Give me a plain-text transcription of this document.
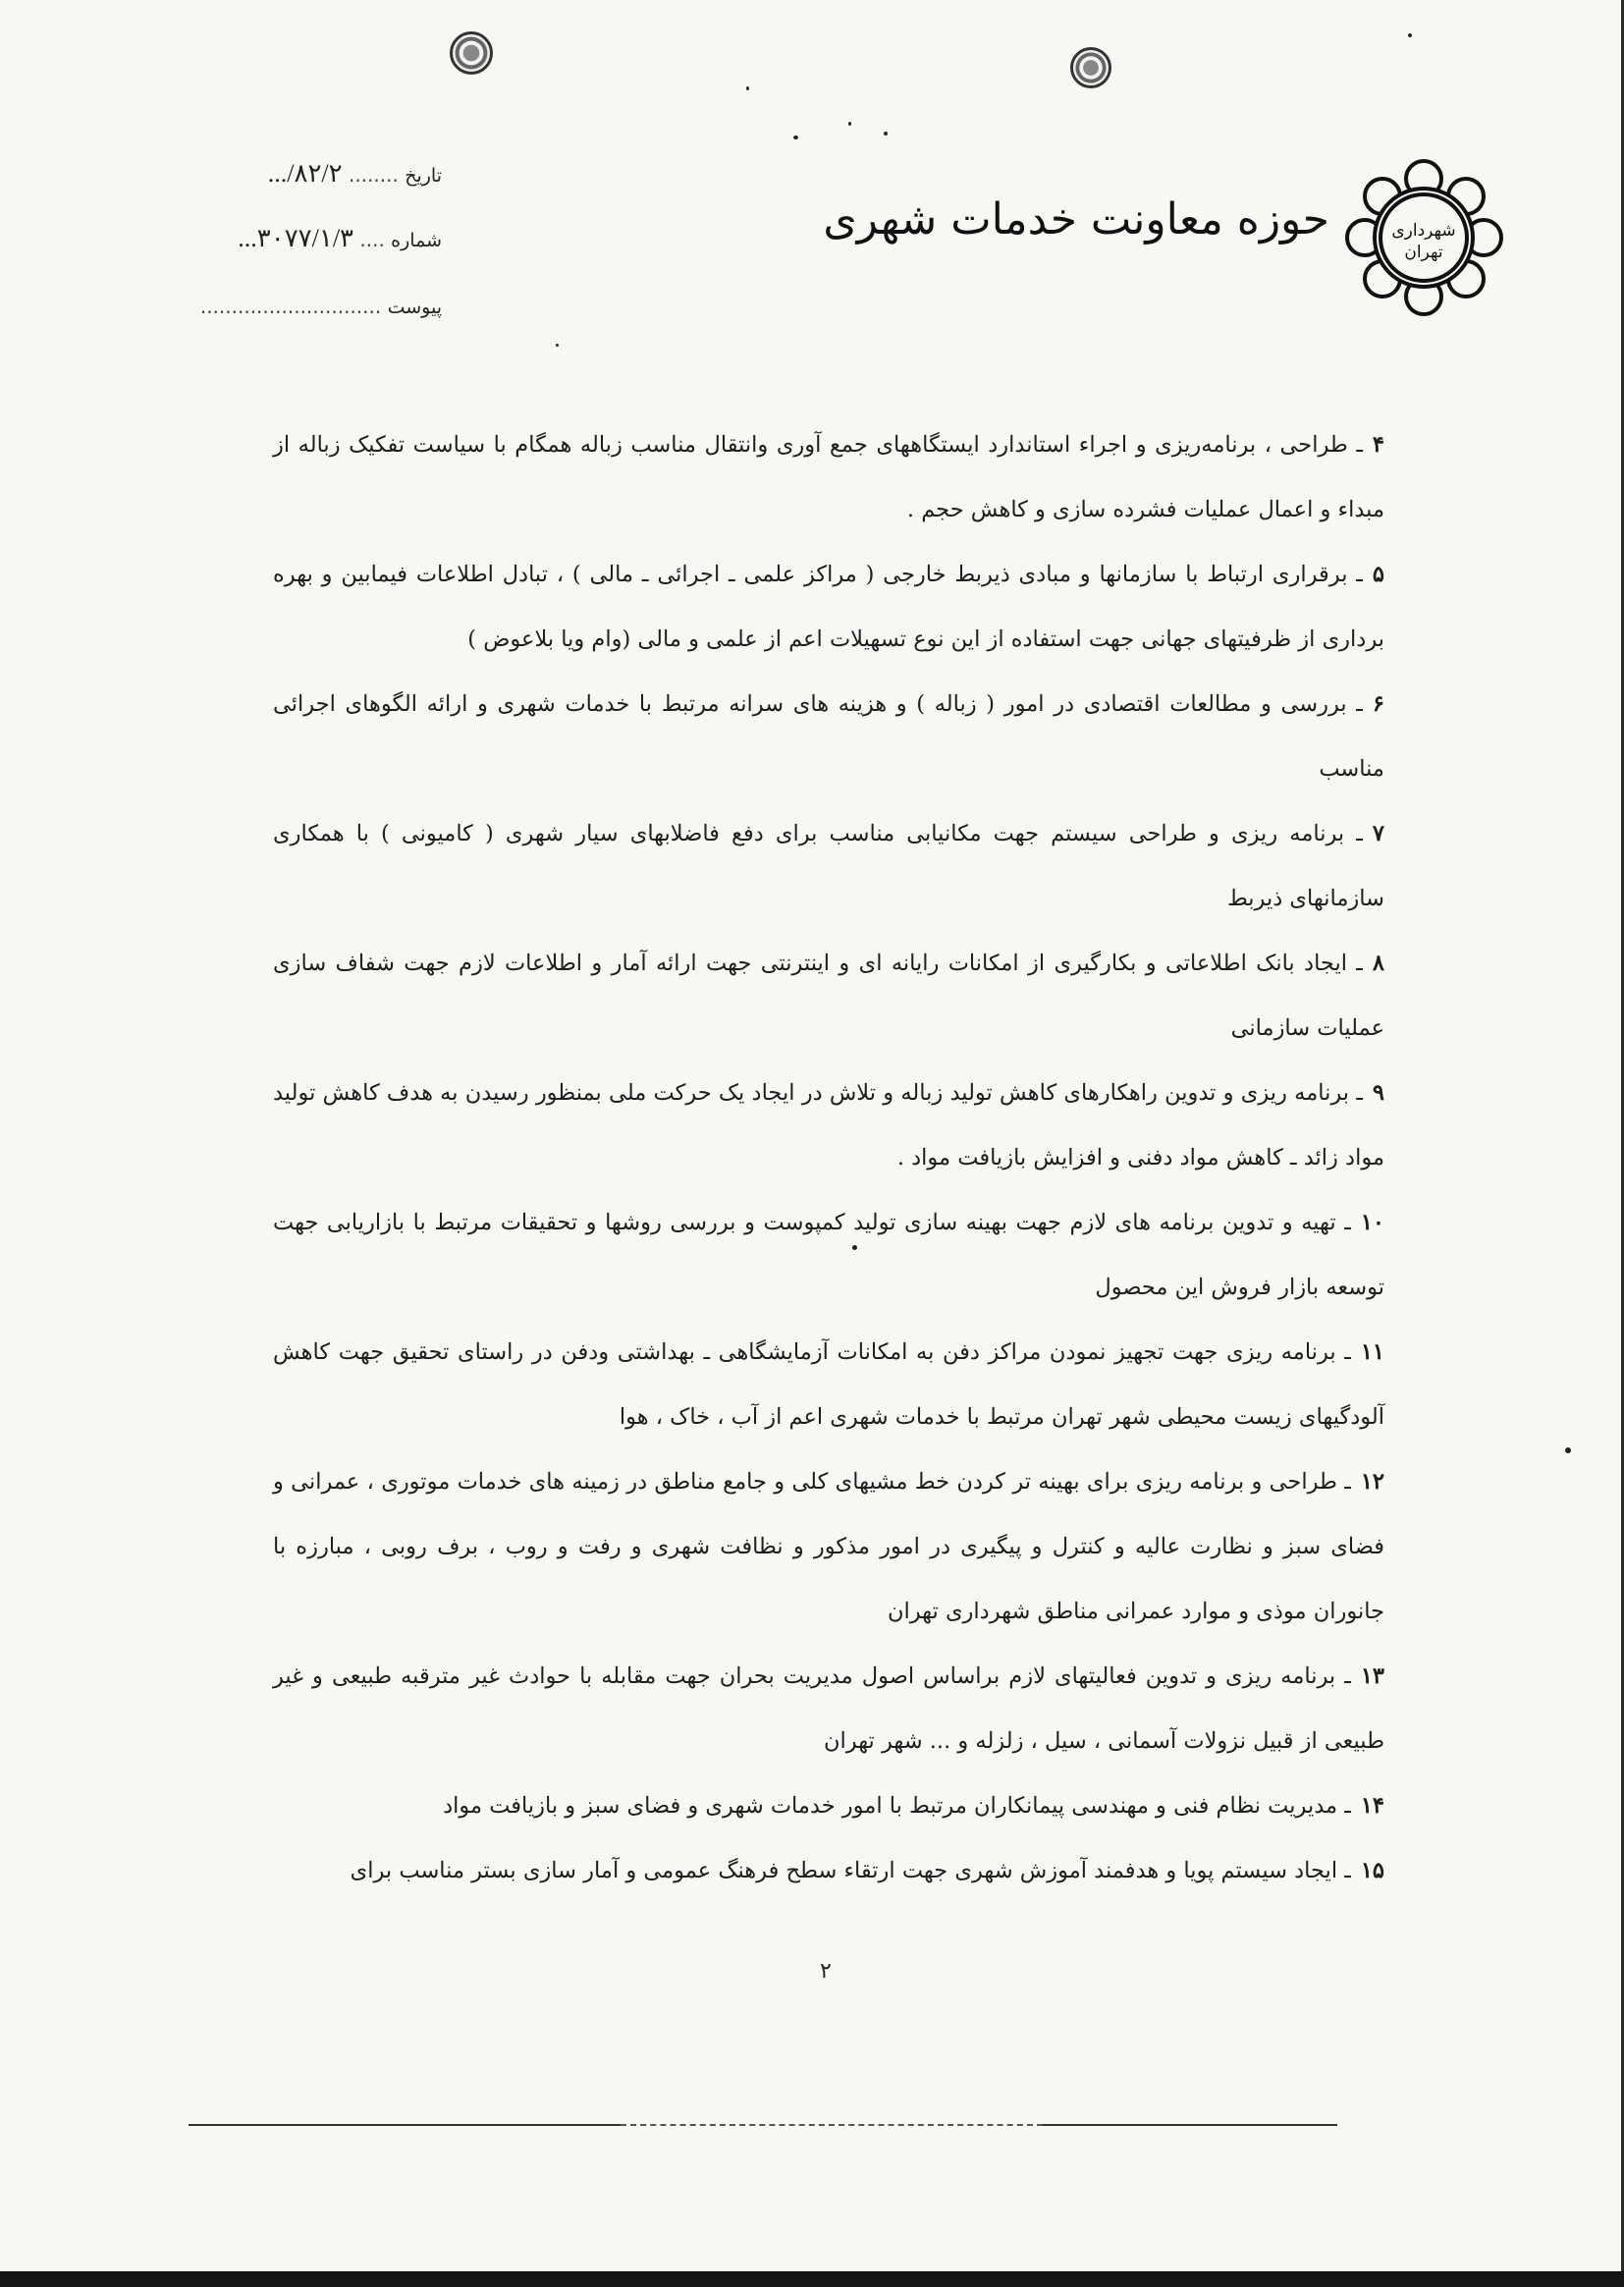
شهرداری
تهران
حوزه معاونت خدمات شهری
تاریخ ........ ۸۲/۲/...
شماره .... ۳۰۷۷/۱/۳...
پیوست .............................
۴ـ طراحی ، برنامه‌ریزی و اجراء استاندارد ایستگاههای جمع آوری وانتقال مناسب زباله همگام با سیاست تفکیک زباله از مبداء و اعمال عملیات فشرده سازی و کاهش حجم .
۵ـ برقراری ارتباط با سازمانها و مبادی ذیربط خارجی ( مراکز علمی ـ اجرائی ـ مالی ) ، تبادل اطلاعات فیمابین و بهره برداری از ظرفیتهای جهانی جهت استفاده از این نوع تسهیلات اعم از علمی و مالی (وام ویا بلاعوض )
۶ـ بررسی و مطالعات اقتصادی در امور ( زباله ) و هزینه های سرانه مرتبط با خدمات شهری و ارائه الگوهای اجرائی مناسب
۷ـ برنامه ریزی و طراحی سیستم جهت مکانیابی مناسب برای دفع فاضلابهای سیار شهری ( کامیونی ) با همکاری سازمانهای ذیربط
۸ـ ایجاد بانک اطلاعاتی و بکارگیری از امکانات رایانه ای و اینترنتی جهت ارائه آمار و اطلاعات لازم جهت شفاف سازی عملیات سازمانی
۹ـ برنامه ریزی و تدوین راهکارهای کاهش تولید زباله و تلاش در ایجاد یک حرکت ملی بمنظور رسیدن به هدف کاهش تولید مواد زائد ـ کاهش مواد دفنی و افزایش بازیافت مواد .
۱۰ـ تهیه و تدوین برنامه های لازم جهت بهینه سازی تولید کمپوست و بررسی روشها و تحقیقات مرتبط با بازاریابی جهت توسعه بازار فروش این محصول
۱۱ـ برنامه ریزی جهت تجهیز نمودن مراکز دفن به امکانات آزمایشگاهی ـ بهداشتی ودفن در راستای تحقیق جهت کاهش آلودگیهای زیست محیطی شهر تهران مرتبط با خدمات شهری اعم از آب ، خاک ، هوا
۱۲ـ طراحی و برنامه ریزی برای بهینه تر کردن خط مشیهای کلی و جامع مناطق در زمینه های خدمات موتوری ، عمرانی و فضای سبز و نظارت عالیه و کنترل و پیگیری در امور مذکور و نظافت شهری و رفت و روب ، برف روبی ، مبارزه با جانوران موذی و موارد عمرانی مناطق شهرداری تهران
۱۳ـ برنامه ریزی و تدوین فعالیتهای لازم براساس اصول مدیریت بحران جهت مقابله با حوادث غیر مترقبه طبیعی و غیر طبیعی از قبیل نزولات آسمانی ، سیل ، زلزله و ... شهر تهران
۱۴ـ مدیریت نظام فنی و مهندسی پیمانکاران مرتبط با امور خدمات شهری و فضای سبز و بازیافت مواد
۱۵ـ ایجاد سیستم پویا و هدفمند آموزش شهری جهت ارتقاء سطح فرهنگ عمومی و آمار سازی بستر مناسب برای
۲
